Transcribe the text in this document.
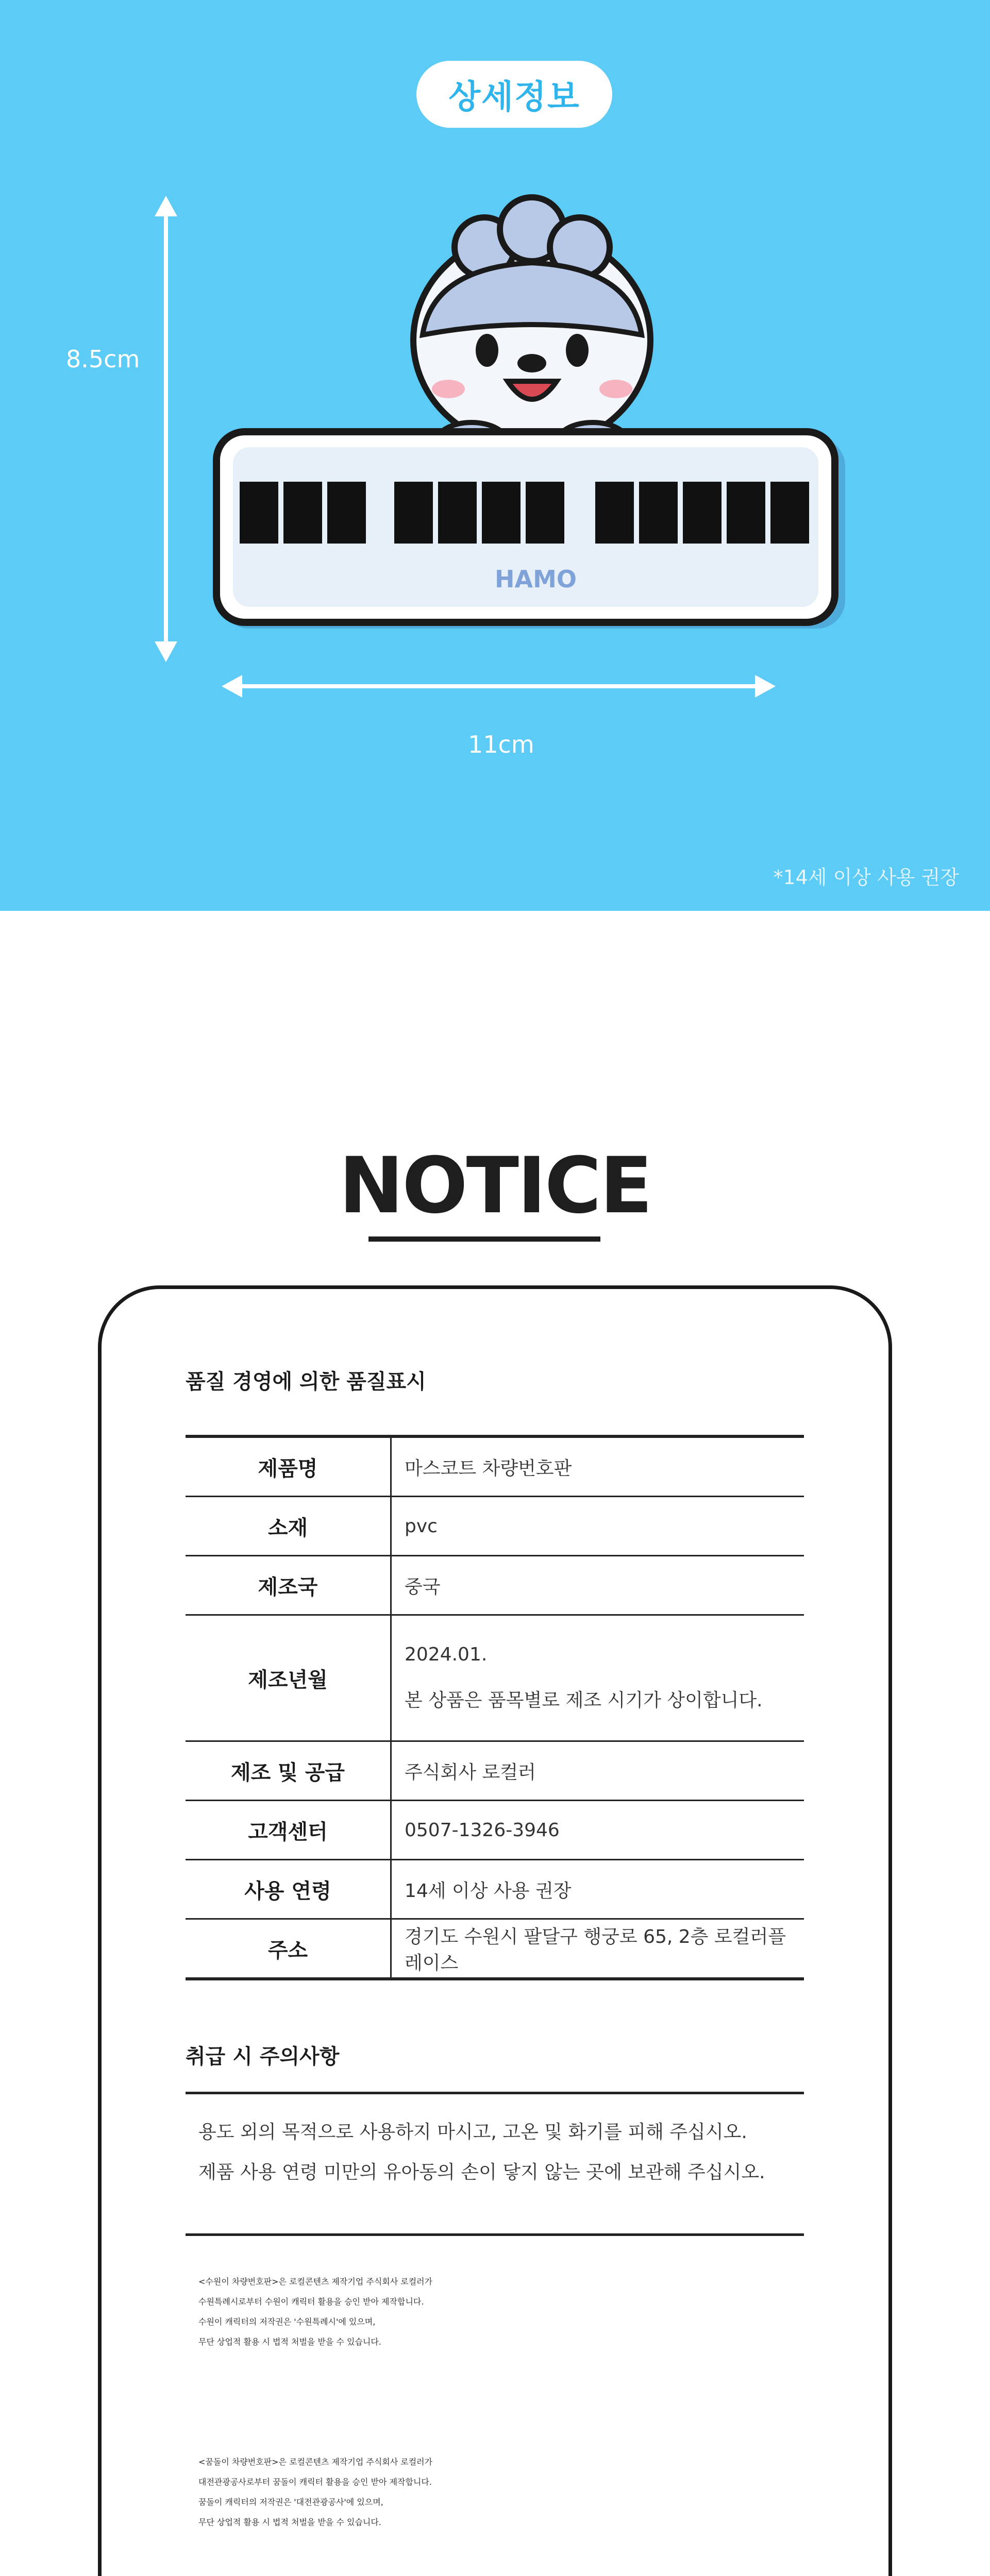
상세정보
8.5cm
HAMO
11cm
*14세 이상 사용 권장
NOTICE
품질 경영에 의한 품질표시
제품명	마스코트 차량번호판
소재	pvc
제조국	중국
제조년월	2024.01.
본 상품은 품목별로 제조 시기가 상이합니다.

제조 및 공급	주식회사 로컬러
고객센터	0507-1326-3946
사용 연령	14세 이상 사용 권장
주소	경기도 수원시 팔달구 행궁로 65, 2층 로컬러플레이스
취급 시 주의사항

용도 외의 목적으로 사용하지 마시고, 고온 및 화기를 피해 주십시오.

제품 사용 연령 미만의 유아동의 손이 닿지 않는 곳에 보관해 주십시오.

<수원이 차량번호판>은 로컬콘텐츠 제작기업 주식회사 로컬러가

수원특례시로부터 수원이 캐릭터 활용을 승인 받아 제작합니다.

수원이 캐릭터의 저작권은 '수원특례시'에 있으며,

무단 상업적 활용 시 법적 처벌을 받을 수 있습니다.

<꿈돌이 차량번호판>은 로컬콘텐츠 제작기업 주식회사 로컬러가

대전관광공사로부터 꿈돌이 캐릭터 활용을 승인 받아 제작합니다.

꿈돌이 캐릭터의 저작권은 '대전관광공사'에 있으며,

무단 상업적 활용 시 법적 처벌을 받을 수 있습니다.
